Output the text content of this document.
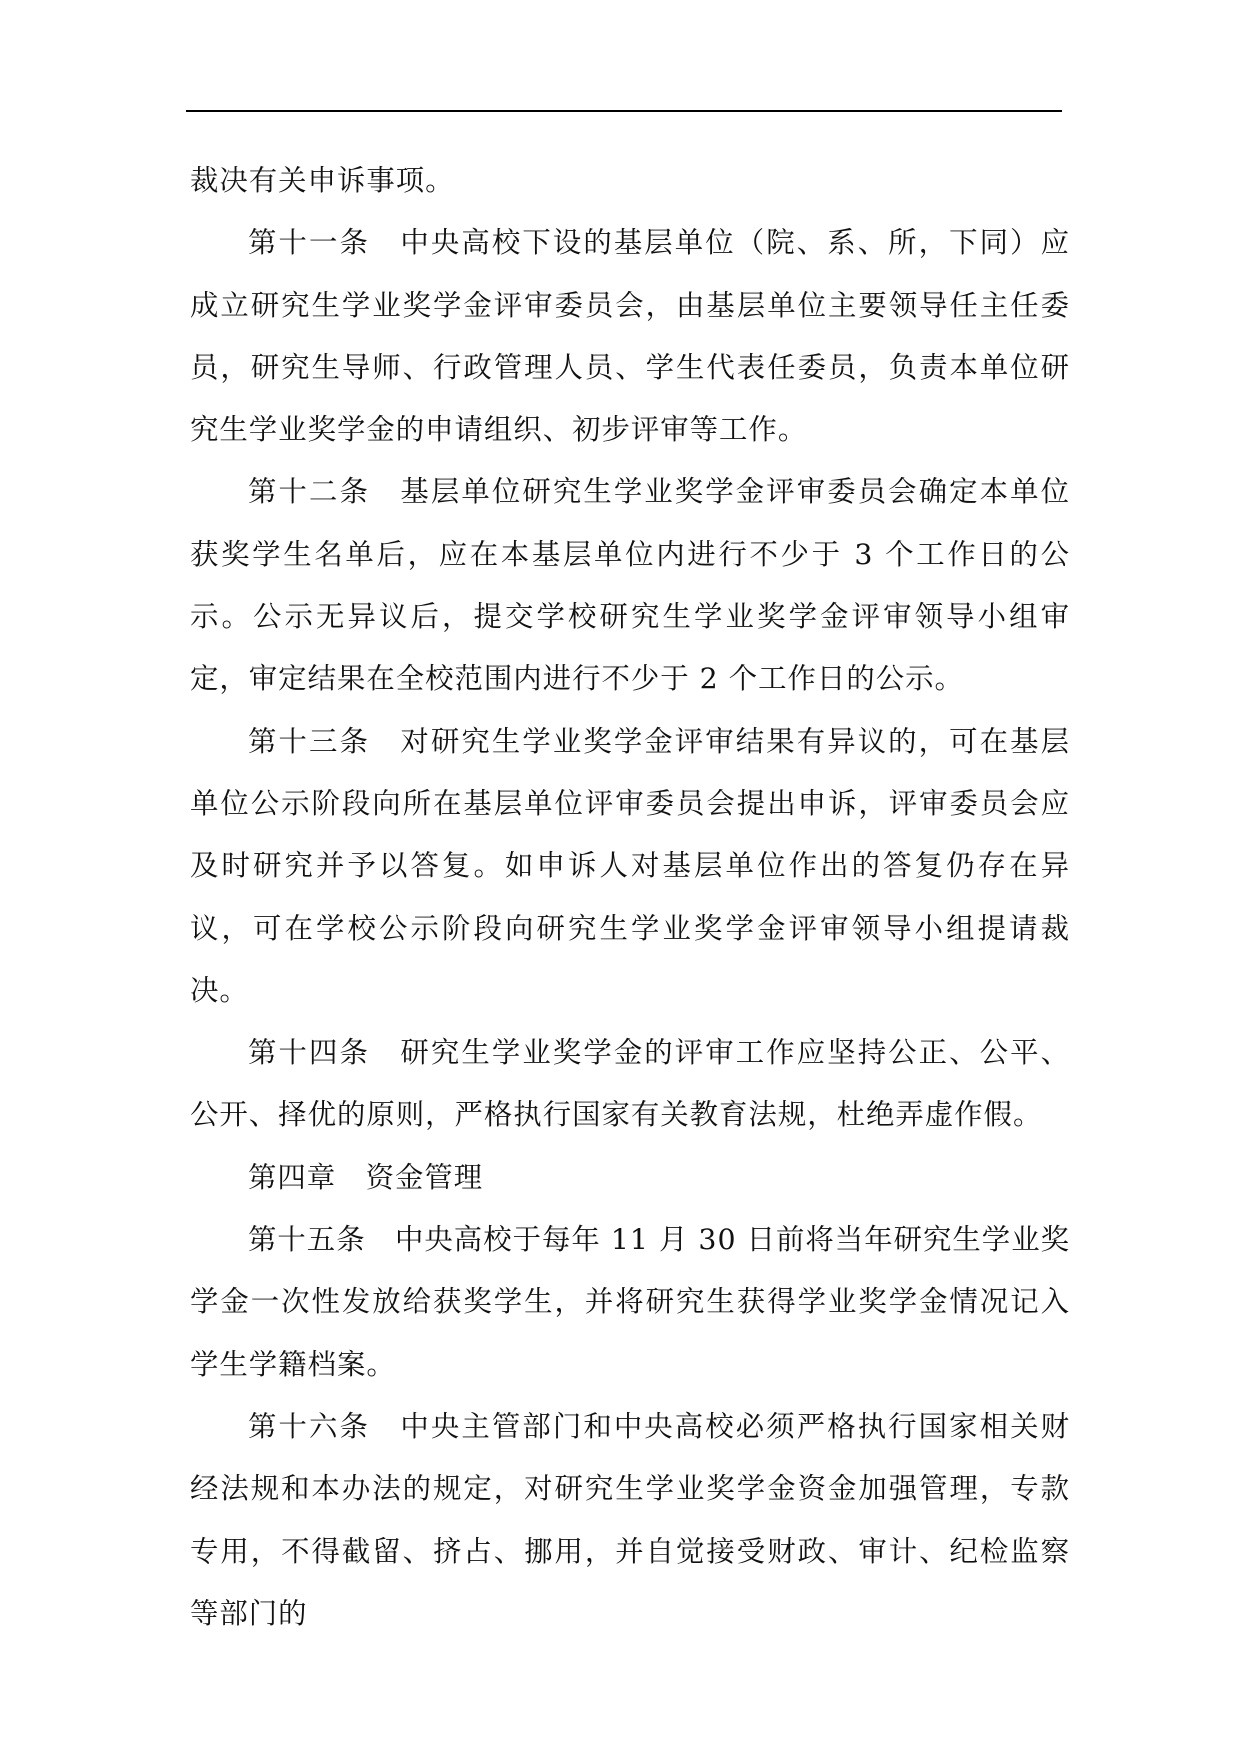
裁决有关申诉事项。

第十一条　中央高校下设的基层单位（院、系、所，下同）应成立研究生学业奖学金评审委员会，由基层单位主要领导任主任委员，研究生导师、行政管理人员、学生代表任委员，负责本单位研究生学业奖学金的申请组织、初步评审等工作。

第十二条　基层单位研究生学业奖学金评审委员会确定本单位获奖学生名单后，应在本基层单位内进行不少于 3 个工作日的公示。公示无异议后，提交学校研究生学业奖学金评审领导小组审定，审定结果在全校范围内进行不少于 2 个工作日的公示。

第十三条　对研究生学业奖学金评审结果有异议的，可在基层单位公示阶段向所在基层单位评审委员会提出申诉，评审委员会应及时研究并予以答复。如申诉人对基层单位作出的答复仍存在异议，可在学校公示阶段向研究生学业奖学金评审领导小组提请裁决。

第十四条　研究生学业奖学金的评审工作应坚持公正、公平、公开、择优的原则，严格执行国家有关教育法规，杜绝弄虚作假。

第四章　资金管理

第十五条　中央高校于每年 11 月 30 日前将当年研究生学业奖学金一次性发放给获奖学生，并将研究生获得学业奖学金情况记入学生学籍档案。

第十六条　中央主管部门和中央高校必须严格执行国家相关财经法规和本办法的规定，对研究生学业奖学金资金加强管理，专款专用，不得截留、挤占、挪用，并自觉接受财政、审计、纪检监察等部门的
